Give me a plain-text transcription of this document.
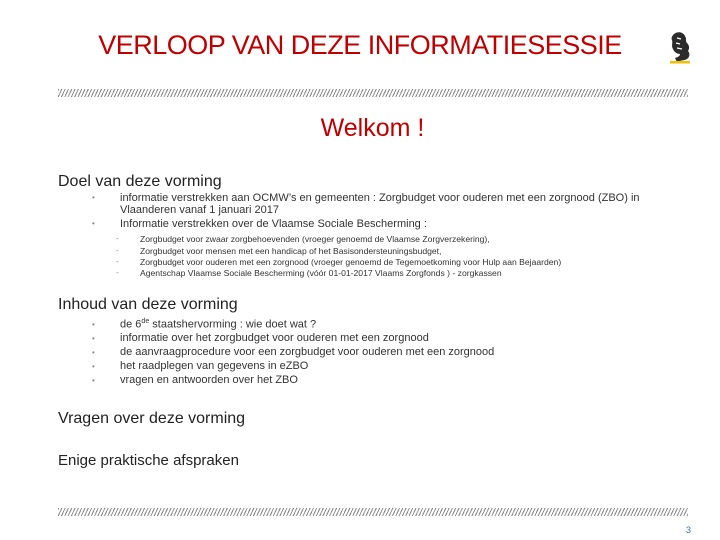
VERLOOP VAN DEZE INFORMATIESESSIE
Welkom !
Doel van deze vorming
• informatie verstrekken aan OCMW’s en gemeenten : Zorgbudget voor ouderen met een zorgnood (ZBO) in Vlaanderen vanaf 1 januari 2017
• Informatie verstrekken over de Vlaamse Sociale Bescherming :
- Zorgbudget voor zwaar zorgbehoevenden (vroeger genoemd de Vlaamse Zorgverzekering),
- Zorgbudget voor mensen met een handicap of het Basisondersteuningsbudget,
- Zorgbudget voor ouderen met een zorgnood (vroeger genoemd de Tegemoetkoming voor Hulp aan Bejaarden)
- Agentschap Vlaamse Sociale Bescherming (vóór 01-01-2017 Vlaams Zorgfonds ) - zorgkassen
Inhoud van deze vorming
• de 6de staatshervorming : wie doet wat ?
• informatie over het zorgbudget voor ouderen met een zorgnood
• de aanvraagprocedure voor een zorgbudget voor ouderen met een zorgnood
• het raadplegen van gegevens in eZBO
• vragen en antwoorden over het ZBO
Vragen over deze vorming
Enige praktische afspraken
3
